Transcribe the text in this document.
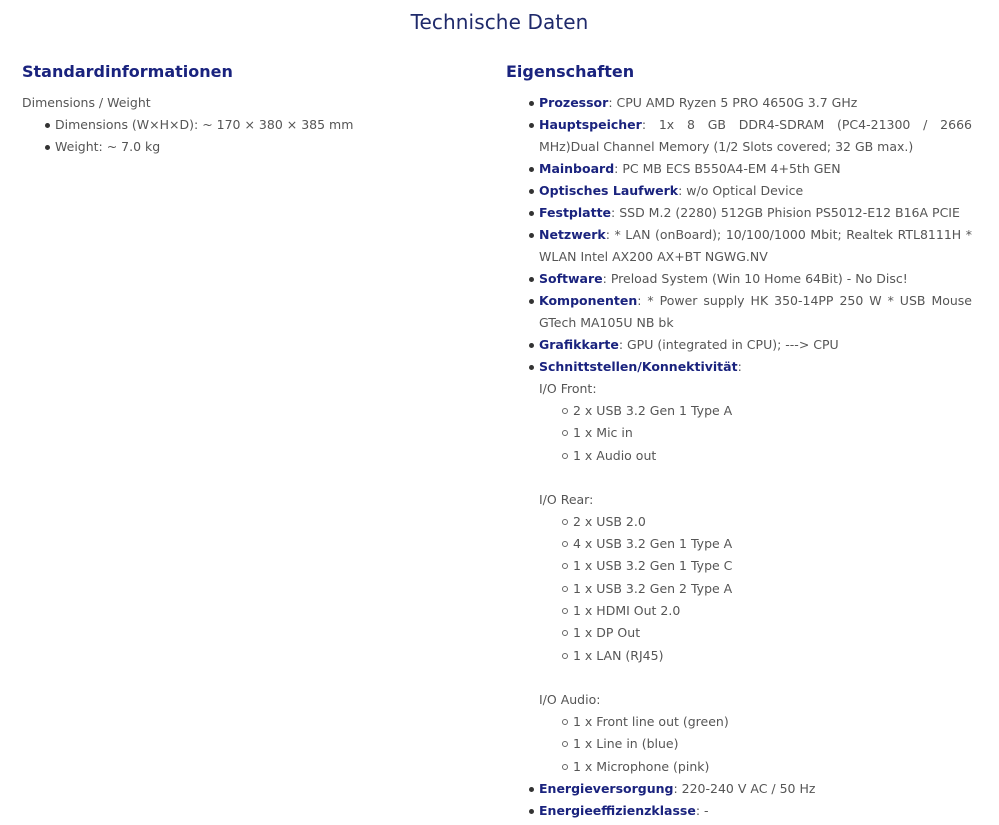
Technische Daten
Standardinformationen
Dimensions / Weight
Dimensions (W×H×D): ~ 170 × 380 × 385 mm
Weight: ~ 7.0 kg
Eigenschaften
Prozessor: CPU AMD Ryzen 5 PRO 4650G 3.7 GHz
Hauptspeicher: 1x 8 GB DDR4-SDRAM (PC4-21300 / 2666 MHz)Dual Channel Memory (1/2 Slots covered; 32 GB max.)
Mainboard: PC MB ECS B550A4-EM 4+5th GEN
Optisches Laufwerk: w/o Optical Device
Festplatte: SSD M.2 (2280) 512GB Phision PS5012-E12 B16A PCIE
Netzwerk: * LAN (onBoard); 10/100/1000 Mbit; Realtek RTL8111H * WLAN Intel AX200 AX+BT NGWG.NV
Software: Preload System (Win 10 Home 64Bit) - No Disc!
Komponenten: * Power supply HK 350-14PP 250 W * USB Mouse GTech MA105U NB bk
Grafikkarte: GPU (integrated in CPU); ---> CPU
Schnittstellen/Konnektivität:
I/O Front:
2 x USB 3.2 Gen 1 Type A
1 x Mic in
1 x Audio out
I/O Rear:
2 x USB 2.0
4 x USB 3.2 Gen 1 Type A
1 x USB 3.2 Gen 1 Type C
1 x USB 3.2 Gen 2 Type A
1 x HDMI Out 2.0
1 x DP Out
1 x LAN (RJ45)
I/O Audio:
1 x Front line out (green)
1 x Line in (blue)
1 x Microphone (pink)
Energieversorgung: 220-240 V AC / 50 Hz
Energieeffizienzklasse: -
